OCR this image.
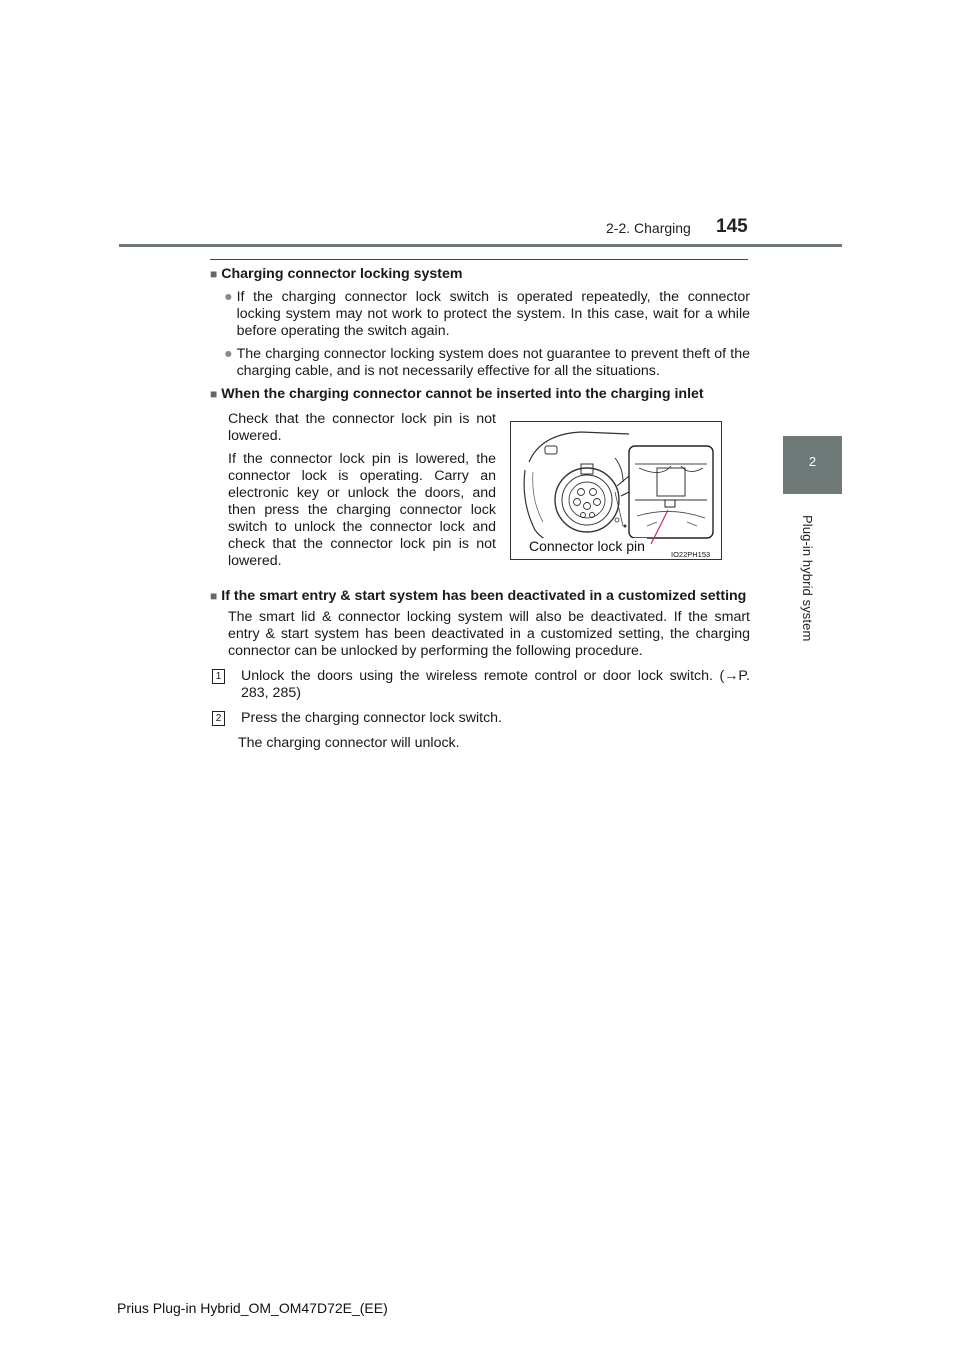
2-2. Charging 145
2
Plug-in hybrid system
■ Charging connector locking system
● If the charging connector lock switch is operated repeatedly, the connector locking system may not work to protect the system. In this case, wait for a while before operating the switch again.
● The charging connector locking system does not guarantee to prevent theft of the charging cable, and is not necessarily effective for all the situations.
■ When the charging connector cannot be inserted into the charging inlet

Check that the connector lock pin is not lowered.

If the connector lock pin is lowered, the connector lock is operating. Carry an electronic key or unlock the doors, and then press the charging connector lock switch to unlock the connector lock and check that the connector lock pin is not lowered.

Connector lock pin
IO22PH153
■ If the smart entry & start system has been deactivated in a customized setting
The smart lid & connector locking system will also be deactivated. If the smart entry & start system has been deactivated in a customized setting, the charging connector can be unlocked by performing the following procedure.
1 Unlock the doors using the wireless remote control or door lock switch. (→P. 283, 285)
2 Press the charging connector lock switch.
The charging connector will unlock.
Prius Plug-in Hybrid_OM_OM47D72E_(EE)
